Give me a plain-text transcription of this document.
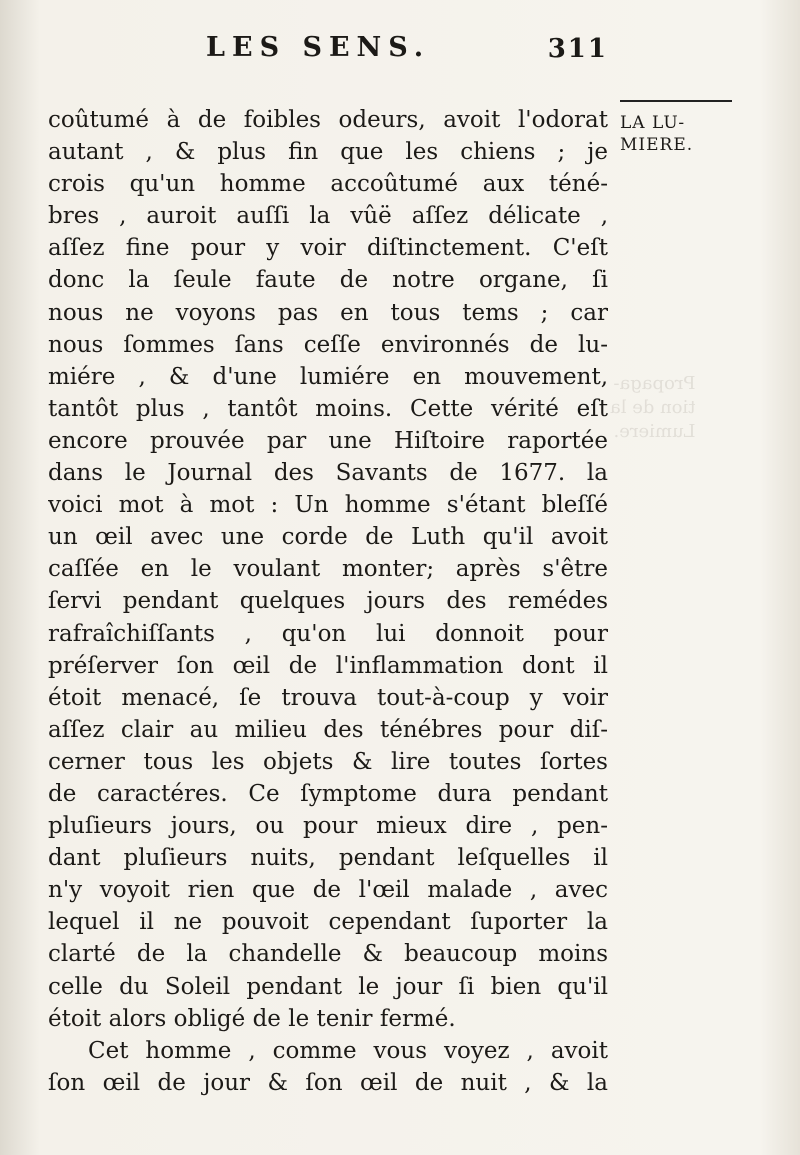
LES SENS.	311
LA LU-
MIERE.
Propaga-
tion de la
Lumiere.
coûtumé à de foibles odeurs, avoit l'odorat
autant , & plus fin que les chiens ; je
crois qu'un homme accoûtumé aux téné-
bres , auroit auſſi la vûë aſſez délicate ,
aſſez fine pour y voir diſtinctement. C'eſt
donc la ſeule faute de notre organe, ſi
nous ne voyons pas en tous tems ; car
nous ſommes ſans ceſſe environnés de lu-
miére , & d'une lumiére en mouvement,
tantôt plus , tantôt moins. Cette vérité eſt
encore prouvée par une Hiſtoire raportée
dans le Journal des Savants de 1677. la
voici mot à mot : Un homme s'étant bleſſé
un œil avec une corde de Luth qu'il avoit
caſſée en le voulant monter; après s'être
ſervi pendant quelques jours des remédes
rafraîchiſſants , qu'on lui donnoit pour
préſerver ſon œil de l'inflammation dont il
étoit menacé, ſe trouva tout-à-coup y voir
aſſez clair au milieu des ténébres pour diſ-
cerner tous les objets & lire toutes ſortes
de caractéres. Ce ſymptome dura pendant
pluſieurs jours, ou pour mieux dire , pen-
dant pluſieurs nuits, pendant leſquelles il
n'y voyoit rien que de l'œil malade , avec
lequel il ne pouvoit cependant ſuporter la
clarté de la chandelle & beaucoup moins
celle du Soleil pendant le jour ſi bien qu'il
étoit alors obligé de le tenir fermé.
Cet homme , comme vous voyez , avoit
ſon œil de jour & ſon œil de nuit , & la
